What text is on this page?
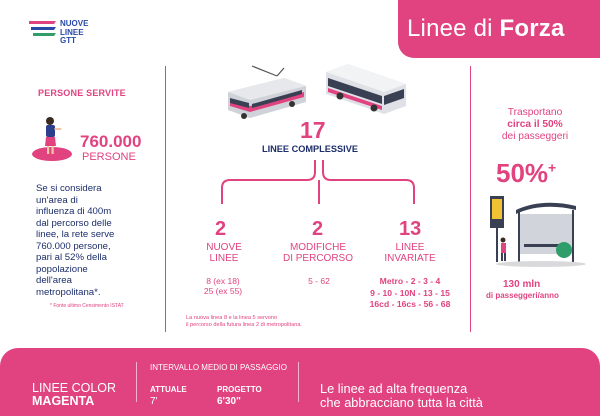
Linee di Forza
NUOVE
LINEE
GTT
PERSONE SERVITE
760.000
PERSONE
Se si considera
un'area di
influenza di 400m
dal percorso delle
linee, la rete serve
760.000 persone,
pari al 52% della
popolazione
dell'area
metropolitana*.
* Fonte ultimo Censimento ISTAT
17
LINEE COMPLESSIVE
2
NUOVE
LINEE
8 (ex 18)
25 (ex 55)
2
MODIFICHE
DI PERCORSO
5 - 62
13
LINEE
INVARIATE
Metro - 2 - 3 - 4
9 - 10 - 10N - 13 - 15
16cd - 16cs - 56 - 68
La nuova linea 8 e la linea 5 servono
il percorso della futura linea 2 di metropolitana.
Trasportano
circa il 50%
dei passeggeri
50%+
130 mln
di passeggeri/anno
LINEE COLOR
MAGENTA
INTERVALLO MEDIO DI PASSAGGIO
ATTUALE
7'
PROGETTO
6'30"
Le linee ad alta frequenza
che abbracciano tutta la città
